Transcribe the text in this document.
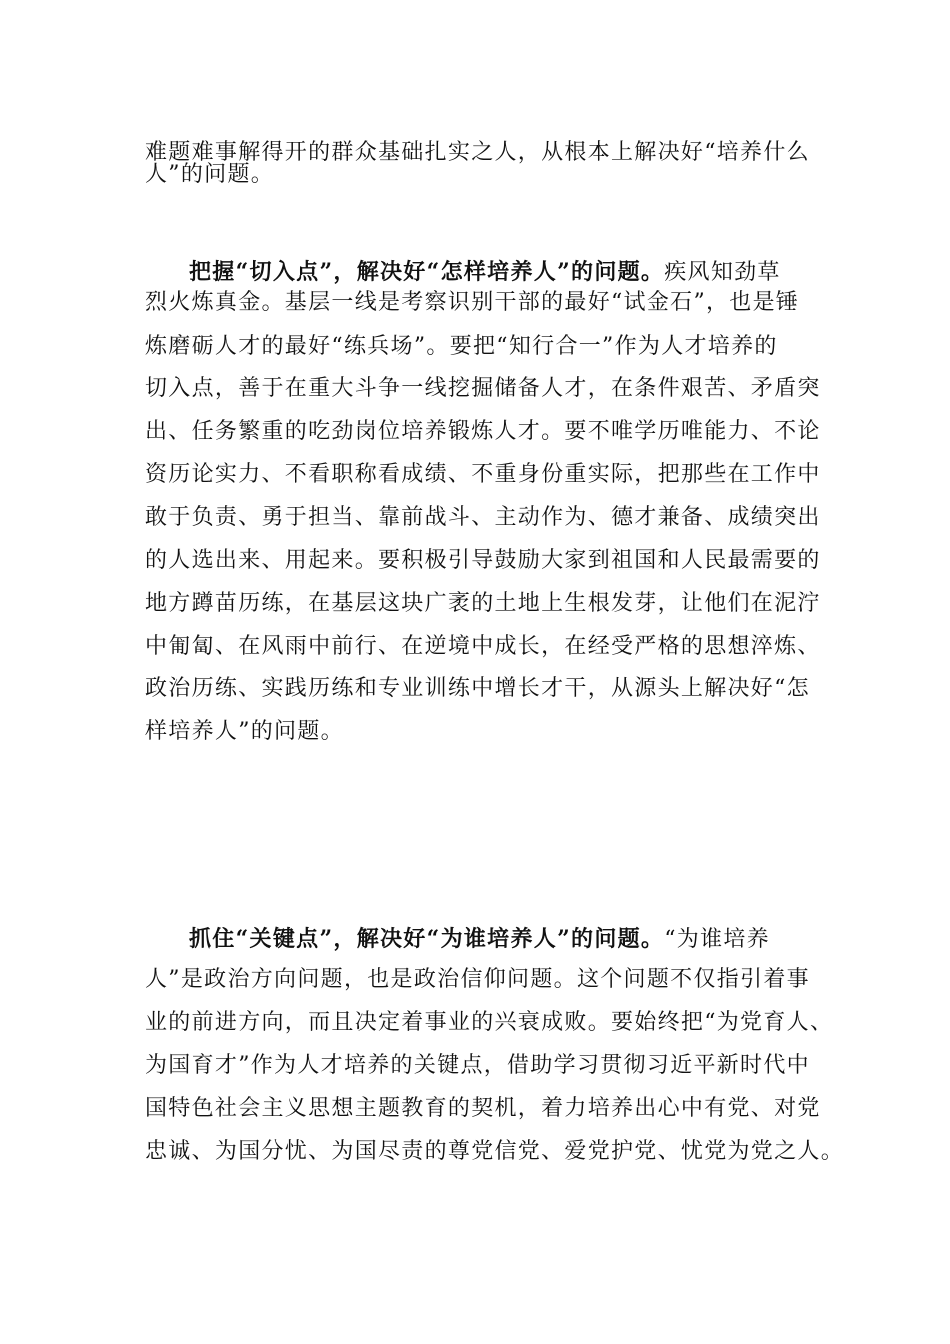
难题难事解得开的群众基础扎实之人，从根本上解决好“培养什么
人”的问题。
把握“切入点”，解决好“怎样培养人”的问题。疾风知劲草
烈火炼真金。基层一线是考察识别干部的最好“试金石”，也是锤
炼磨砺人才的最好“练兵场”。要把“知行合一”作为人才培养的
切入点，善于在重大斗争一线挖掘储备人才，在条件艰苦、矛盾突
出、任务繁重的吃劲岗位培养锻炼人才。要不唯学历唯能力、不论
资历论实力、不看职称看成绩、不重身份重实际，把那些在工作中
敢于负责、勇于担当、靠前战斗、主动作为、德才兼备、成绩突出
的人选出来、用起来。要积极引导鼓励大家到祖国和人民最需要的
地方蹲苗历练，在基层这块广袤的土地上生根发芽，让他们在泥泞
中匍匐、在风雨中前行、在逆境中成长，在经受严格的思想淬炼、
政治历练、实践历练和专业训练中增长才干，从源头上解决好“怎
样培养人”的问题。
抓住“关键点”，解决好“为谁培养人”的问题。“为谁培养
人”是政治方向问题，也是政治信仰问题。这个问题不仅指引着事
业的前进方向，而且决定着事业的兴衰成败。要始终把“为党育人、
为国育才”作为人才培养的关键点，借助学习贯彻习近平新时代中
国特色社会主义思想主题教育的契机，着力培养出心中有党、对党
忠诚、为国分忧、为国尽责的尊党信党、爱党护党、忧党为党之人。
